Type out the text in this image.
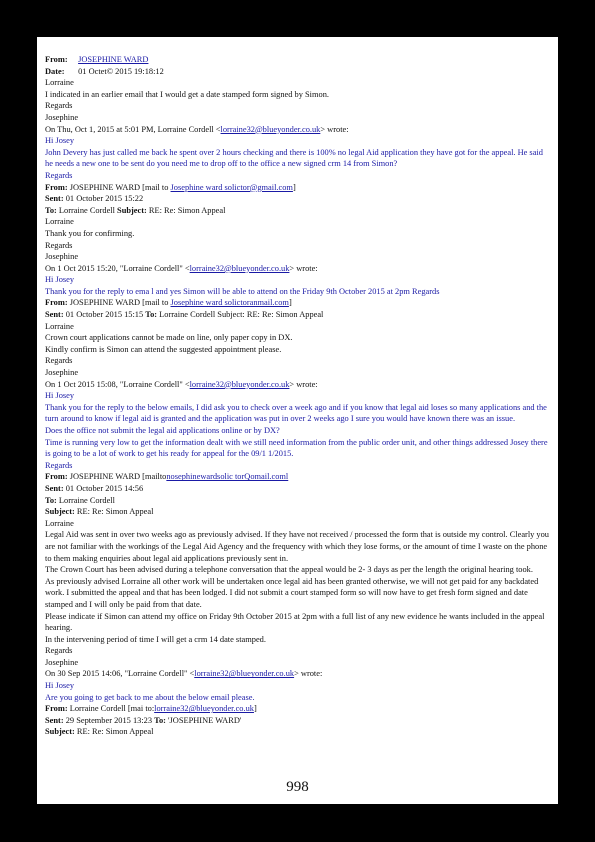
From: JOSEPHINE WARD
Date: 01 Octet© 2015 19:18:12
Lorraine
I indicated in an earlier email that I would get a date stamped form signed by Simon.
Regards
Josephine
On Thu, Oct 1, 2015 at 5:01 PM, Lorraine Cordell <lorraine32@blueyonder.co.uk> wrote:
Hi Josey
John Devery has just called me back he spent over 2 hours checking and there is 100% no legal Aid application they have got for the appeal. He said he needs a new one to be sent do you need me to drop off to the office a new signed crm 14 from Simon?
Regards
From: JOSEPHINE WARD [mail to Josephine ward solictor@gmail.com]
Sent: 01 October 2015 15:22
To: Lorraine Cordell Subject: RE: Re: Simon Appeal
Lorraine
Thank you for confirming.
Regards
Josephine
On 1 Oct 2015 15:20, "Lorraine Cordell" <lorraine32@blueyonder.co.uk> wrote:
Hi Josey
Thank you for the reply to ema l and yes Simon will be able to attend on the Friday 9th October 2015 at 2pm Regards
From: JOSEPHINE WARD [mail to Josephine ward solictoranmail.com]
Sent: 01 October 2015 15:15 To: Lorraine Cordell Subject: RE: Re: Simon Appeal
Lorraine
Crown court applications cannot be made on line, only paper copy in DX.
Kindly confirm is Simon can attend the suggested appointment please.
Regards
Josephine
On 1 Oct 2015 15:08, "Lorraine Cordell" <lorraine32@blueyonder.co.uk> wrote:
Hi Josey
Thank you for the reply to the below emails, I did ask you to check over a week ago and if you know that legal aid loses so many applications and the turn around to know if legal aid is granted and the application was put in over 2 weeks ago I sure you would have known there was an issue.
Does the office not submit the legal aid applications online or by DX?
Time is running very low to get the information dealt with we still need information from the public order unit, and other things addressed Josey there is going to be a lot of work to get his ready for appeal for the 09/1 1/2015.
Regards
From: JOSEPHINE WARD [mailtonosephinewardsolic torQomail.coml
Sent: 01 October 2015 14:56
To: Lorraine Cordell
Subject: RE: Re: Simon Appeal
Lorraine
Legal Aid was sent in over two weeks ago as previously advised. If they have not received / processed the form that is outside my control. Clearly you are not familiar with the workings of the Legal Aid Agency and the frequency with which they lose forms, or the amount of time I waste on the phone to them making enquiries about legal aid applications previously sent in.
The Crown Court has been advised during a telephone conversation that the appeal would be 2- 3 days as per the length the original hearing took.
As previously advised Lorraine all other work will be undertaken once legal aid has been granted otherwise, we will not get paid for any backdated work. I submitted the appeal and that has been lodged. I did not submit a court stamped form so will now have to get fresh form signed and date stamped and I will only be paid from that date.
Please indicate if Simon can attend my office on Friday 9th October 2015 at 2pm with a full list of any new evidence he wants included in the appeal hearing.
In the intervening period of time I will get a crm 14 date stamped.
Regards
Josephine
On 30 Sep 2015 14:06, "Lorraine Cordell" <lorraine32@blueyonder.co.uk> wrote:
Hi Josey
Are you going to get back to me about the below email please.
From: Lorraine Cordell [mai to:lorraine32@blueyonder.co.uk]
Sent: 29 September 2015 13:23 To: 'JOSEPHINE WARD'
Subject: RE: Re: Simon Appeal
998
